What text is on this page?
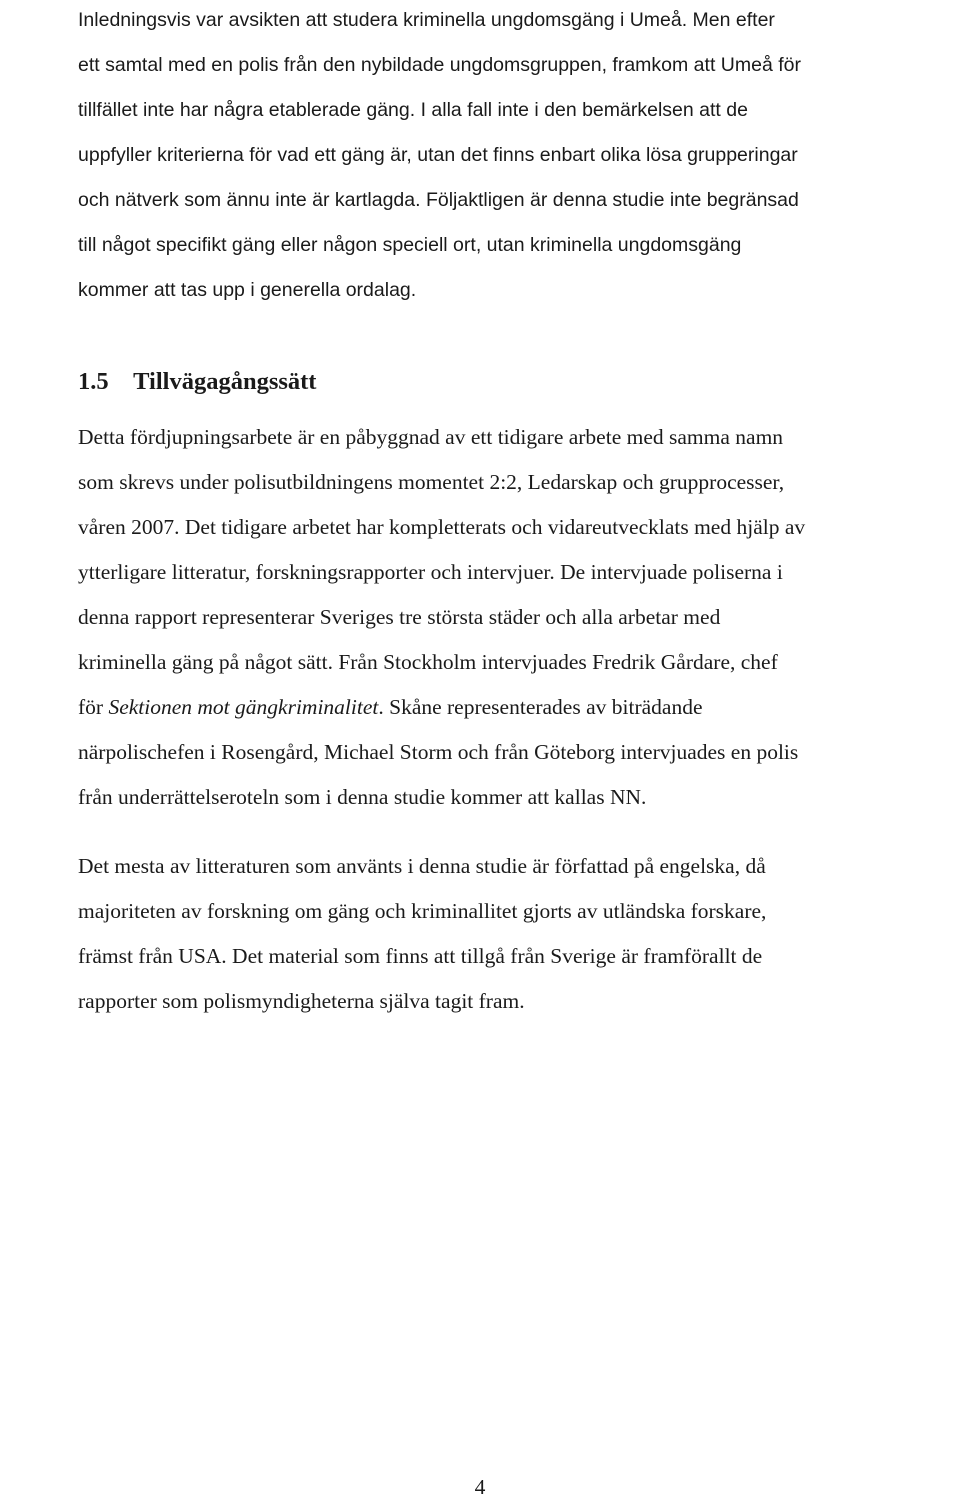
Inledningsvis var avsikten att studera kriminella ungdomsgäng i Umeå. Men efter
ett samtal med en polis från den nybildade ungdomsgruppen, framkom att Umeå för
tillfället inte har några etablerade gäng. I alla fall inte i den bemärkelsen att de
uppfyller kriterierna för vad ett gäng är, utan det finns enbart olika lösa grupperingar
och nätverk som ännu inte är kartlagda. Följaktligen är denna studie inte begränsad
till något specifikt gäng eller någon speciell ort, utan kriminella ungdomsgäng
kommer att tas upp i generella ordalag.

1.5 Tillvägagångssätt

Detta fördjupningsarbete är en påbyggnad av ett tidigare arbete med samma namn
som skrevs under polisutbildningens momentet 2:2, Ledarskap och grupprocesser,
våren 2007. Det tidigare arbetet har kompletterats och vidareutvecklats med hjälp av
ytterligare litteratur, forskningsrapporter och intervjuer. De intervjuade poliserna i
denna rapport representerar Sveriges tre största städer och alla arbetar med
kriminella gäng på något sätt. Från Stockholm intervjuades Fredrik Gårdare, chef
för Sektionen mot gängkriminalitet. Skåne representerades av biträdande
närpolischefen i Rosengård, Michael Storm och från Göteborg intervjuades en polis
från underrättelseroteln som i denna studie kommer att kallas NN.

Det mesta av litteraturen som använts i denna studie är författad på engelska, då
majoriteten av forskning om gäng och kriminallitet gjorts av utländska forskare,
främst från USA. Det material som finns att tillgå från Sverige är framförallt de
rapporter som polismyndigheterna själva tagit fram.

4
